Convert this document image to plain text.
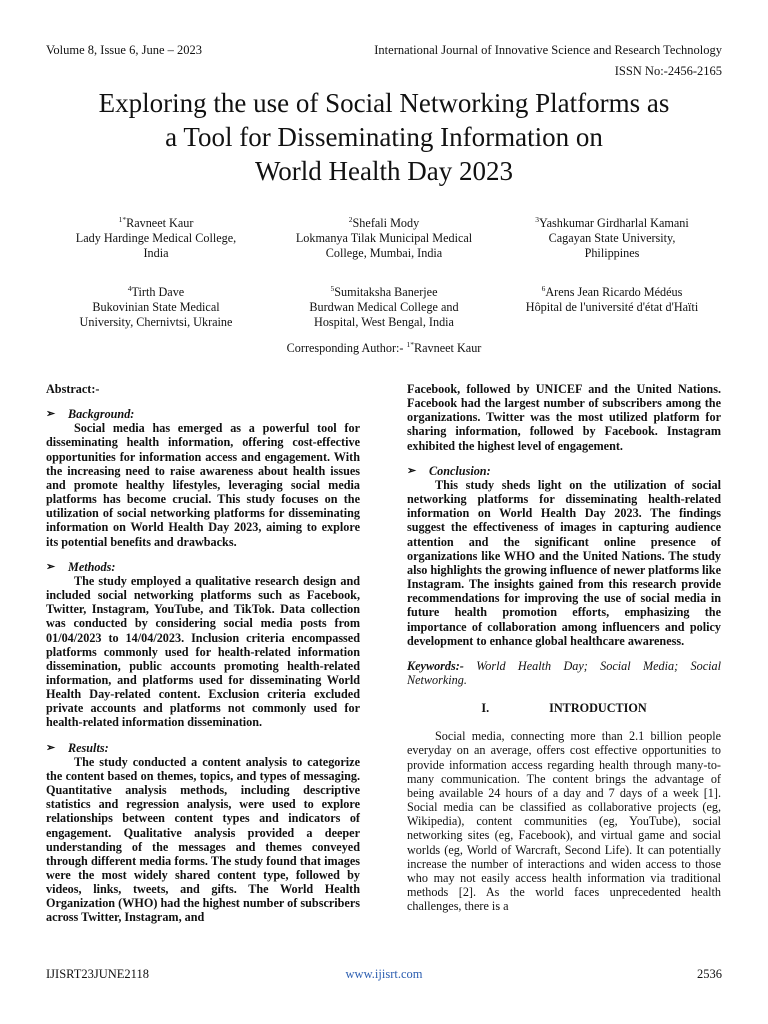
Volume 8, Issue 6, June – 2023	International Journal of Innovative Science and Research Technology
ISSN No:-2456-2165
Exploring the use of Social Networking Platforms as
a Tool for Disseminating Information on
World Health Day 2023
$^{1*}$Ravneet Kaur
Lady Hardinge Medical College,
India
$^2$Shefali Mody
Lokmanya Tilak Municipal Medical
College, Mumbai, India
$^3$Yashkumar Girdharlal Kamani
Cagayan State University,
Philippines
$^4$Tirth Dave
Bukovinian State Medical
University, Chernivtsi, Ukraine
$^5$Sumitaksha Banerjee
Burdwan Medical College and
Hospital, West Bengal, India
$^6$Arens Jean Ricardo Médéus
Hôpital de l'université d'état d'Haïti
Corresponding Author:- $^{1*}$Ravneet Kaur
Abstract:-
➢	Background:

Social media has emerged as a powerful tool for disseminating health information, offering cost-effective opportunities for information access and engagement. With the increasing need to raise awareness about health issues and promote healthy lifestyles, leveraging social media platforms has become crucial. This study focuses on the utilization of social networking platforms for disseminating information on World Health Day 2023, aiming to explore its potential benefits and drawbacks.

➢	Methods:

The study employed a qualitative research design and included social networking platforms such as Facebook, Twitter, Instagram, YouTube, and TikTok. Data collection was conducted by considering social media posts from 01/04/2023 to 14/04/2023. Inclusion criteria encompassed platforms commonly used for health-related information dissemination, public accounts promoting health-related information, and platforms used for disseminating World Health Day-related content. Exclusion criteria excluded private accounts and platforms not commonly used for health-related information dissemination.

➢	Results:

The study conducted a content analysis to categorize the content based on themes, topics, and types of messaging. Quantitative analysis methods, including descriptive statistics and regression analysis, were used to explore relationships between content types and indicators of engagement. Qualitative analysis provided a deeper understanding of the messages and themes conveyed through different media forms. The study found that images were the most widely shared content type, followed by videos, links, tweets, and gifts. The World Health Organization (WHO) had the highest number of subscribers across Twitter, Instagram, and

Facebook, followed by UNICEF and the United Nations. Facebook had the largest number of subscribers among the organizations. Twitter was the most utilized platform for sharing information, followed by Facebook. Instagram exhibited the highest level of engagement.

➢	Conclusion:

This study sheds light on the utilization of social networking platforms for disseminating health-related information on World Health Day 2023. The findings suggest the effectiveness of images in capturing audience attention and the significant online presence of organizations like WHO and the United Nations. The study also highlights the growing influence of newer platforms like Instagram. The insights gained from this research provide recommendations for improving the use of social media in future health promotion efforts, emphasizing the importance of collaboration among influencers and policy development to enhance global healthcare awareness.

Keywords:- World Health Day; Social Media; Social Networking.

I.	INTRODUCTION

Social media, connecting more than 2.1 billion people everyday on an average, offers cost effective opportunities to provide information access regarding health through many-to-many communication. The content brings the advantage of being available 24 hours of a day and 7 days of a week [1]. Social media can be classified as collaborative projects (eg, Wikipedia), content communities (eg, YouTube), social networking sites (eg, Facebook), and virtual game and social worlds (eg, World of Warcraft, Second Life). It can potentially increase the number of interactions and widen access to those who may not easily access health information via traditional methods [2]. As the world faces unprecedented health challenges, there is a

IJISRT23JUNE2118	www.ijisrt.com	2536
